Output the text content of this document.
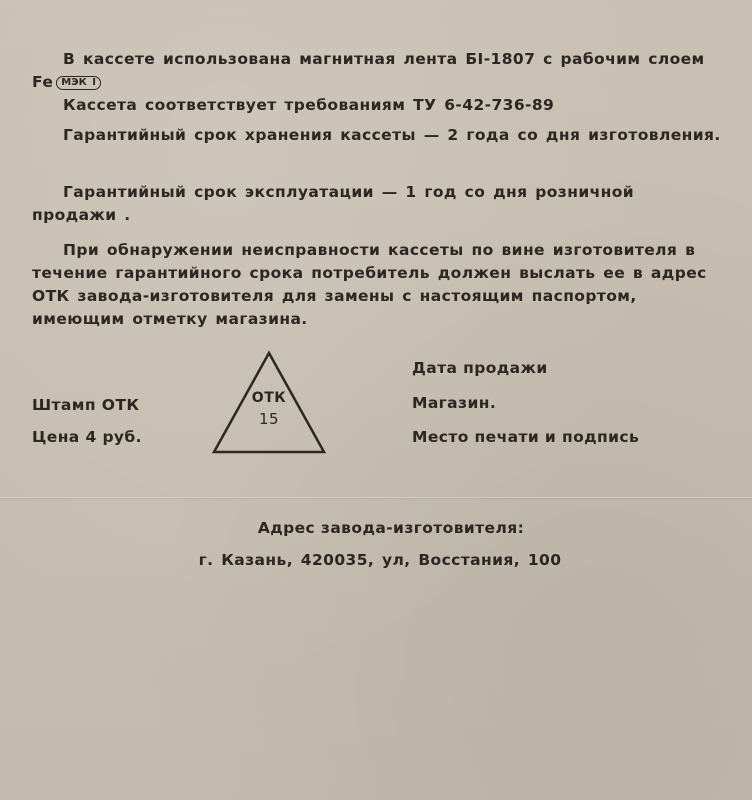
В кассете использована магнитная лента БI-1807 с рабочим слоем Fe МЭК I

Кассета соответствует требованиям ТУ 6-42-736-89

Гарантийный срок хранения кассеты — 2 года со дня изготовления.

Гарантийный срок эксплуатации — 1 год со дня розничной продажи .

При обнаружении неисправности кассеты по вине изготовителя в течение гарантийного срока потребитель должен выслать ее в адрес ОТК завода-изготовителя для замены с настоящим паспортом, имеющим отметку магазина.

Штамп ОТК
Цена 4 руб.
ОТК
15
Дата продажи
Магазин.
Место печати и подпись
Адрес завода-изготовителя:
г. Казань, 420035, ул, Восстания, 100
